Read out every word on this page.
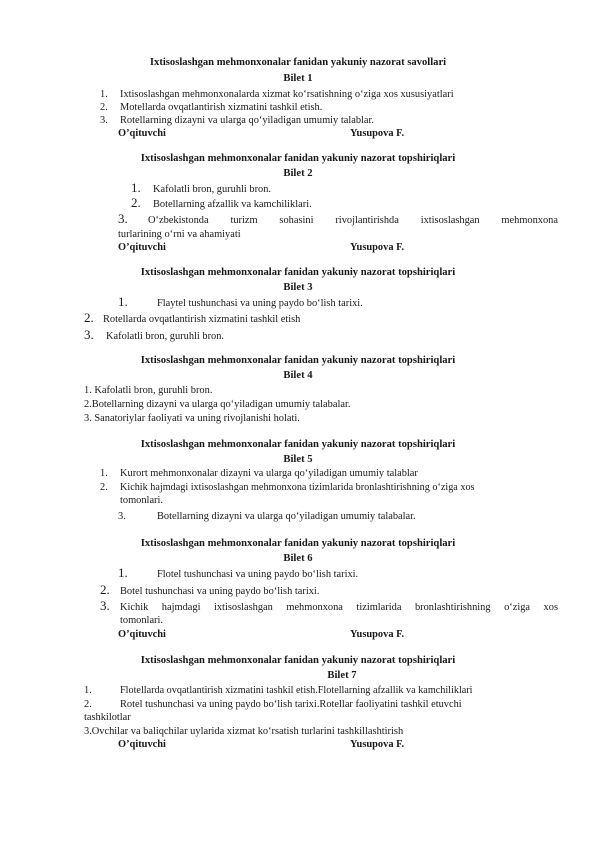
Ixtisoslashgan mehmonxonalar fanidan yakuniy nazorat savollari
Bilet 1
1. Ixtisoslashgan mehmonxonalarda xizmat ko‘rsatishning o‘ziga xos xususiyatlari
2. Motellarda ovqatlantirish xizmatini tashkil etish.
3. Rotellarning dizayni va ularga qo‘yiladigan umumiy talablar.
O’qituvchi	Yusupova F.
Ixtisoslashgan mehmonxonalar fanidan yakuniy nazorat topshiriqlari
Bilet 2
1. Kafolatli bron, guruhli bron.
2. Botellarning afzallik va kamchiliklari.
3. O‘zbekistonda turizm sohasini rivojlantirishda ixtisoslashgan mehmonxona
turlarining o‘rni va ahamiyati
O’qituvchi	Yusupova F.
Ixtisoslashgan mehmonxonalar fanidan yakuniy nazorat topshiriqlari
Bilet 3
1.	Flaytel tushunchasi va uning paydo bo‘lish tarixi.
2. Rotellarda ovqatlantirish xizmatini tashkil etish
3. Kafolatli bron, guruhli bron.
Ixtisoslashgan mehmonxonalar fanidan yakuniy nazorat topshiriqlari
Bilet 4
1. Kafolatli bron, guruhli bron.
2.Botellarning dizayni va ularga qo‘yiladigan umumiy talabalar.
3. Sanatoriylar faoliyati va uning rivojlanishi holati.
Ixtisoslashgan mehmonxonalar fanidan yakuniy nazorat topshiriqlari
Bilet 5
1. Kurort mehmonxonalar dizayni va ularga qo‘yiladigan umumiy talablar
2. Kichik hajmdagi ixtisoslashgan mehmonxona tizimlarida bronlashtirishning o‘ziga xos
tomonlari.
3.	Botellarning dizayni va ularga qo‘yiladigan umumiy talabalar.
Ixtisoslashgan mehmonxonalar fanidan yakuniy nazorat topshiriqlari
Bilet 6
1.	Flotel tushunchasi va uning paydo bo‘lish tarixi.
2. Botel tushunchasi va uning paydo bo‘lish tarixi.
3. Kichik hajmdagi ixtisoslashgan mehmonxona tizimlarida bronlashtirishning o‘ziga xos
tomonlari.
O’qituvchi	Yusupova F.
Ixtisoslashgan mehmonxonalar fanidan yakuniy nazorat topshiriqlari
Bilet 7
1.	Flotellarda ovqatlantirish xizmatini tashkil etish.Flotellarning afzallik va kamchiliklari
2.	Rotel tushunchasi va uning paydo bo‘lish tarixi.Rotellar faoliyatini tashkil etuvchi
tashkilotlar
3.Ovchilar va baliqchilar uylarida xizmat ko‘rsatish turlarini tashkillashtirish
O’qituvchi	Yusupova F.
